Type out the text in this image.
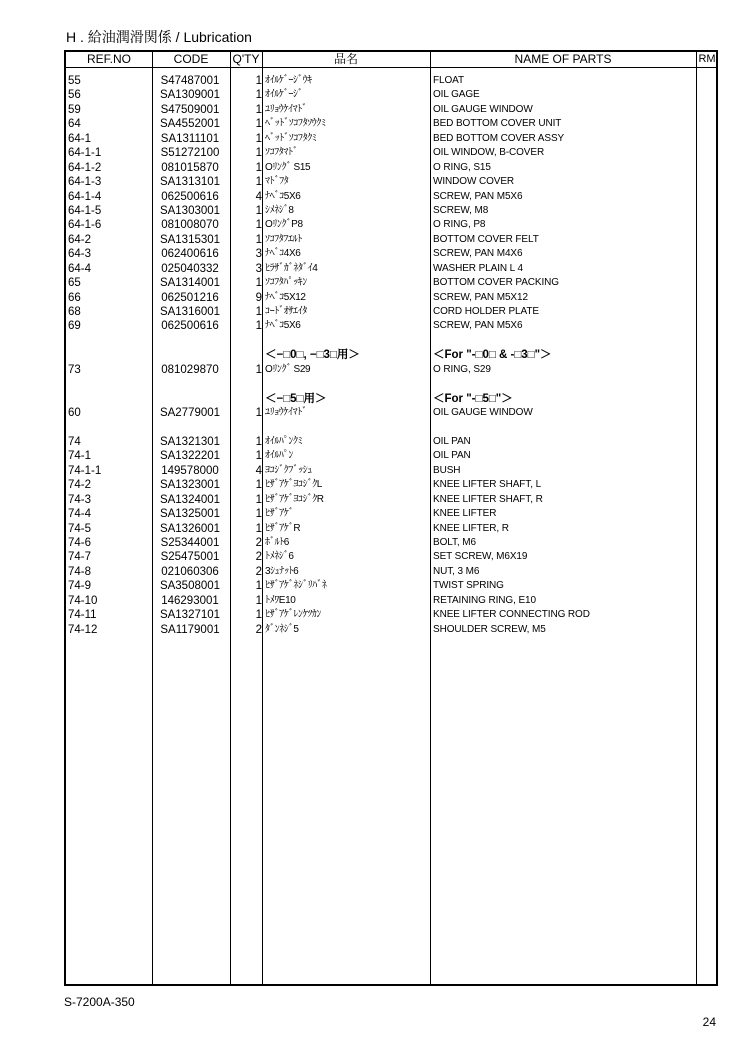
H . 給油潤滑関係 / Lubrication
REF.NO	CODE	Q'TY	品名	NAME OF PARTS	RM
55	S47487001	1 ｵｲﾙｹﾞｰｼﾞｳｷ	FLOAT
56	SA1309001	1 ｵｲﾙｹﾞｰｼﾞ	OIL GAGE
59	S47509001	1 ﾕﾘｮｳｹｲﾏﾄﾞ	OIL GAUGE WINDOW
64	SA4552001	1 ﾍﾞｯﾄﾞｿｺﾌﾀｿｳｸﾐ	BED BOTTOM COVER UNIT
64-1	SA1311101	1 ﾍﾞｯﾄﾞｿｺﾌﾀｸﾐ	BED BOTTOM COVER ASSY
64-1-1	S51272100	1 ｿｺﾌﾀﾏﾄﾞ	OIL WINDOW, B-COVER
64-1-2	081015870	1 Oﾘﾝｸﾞ S15	O RING, S15
64-1-3	SA1313101	1 ﾏﾄﾞﾌﾀ	WINDOW COVER
64-1-4	062500616	4 ﾅﾍﾞｺ5X6	SCREW, PAN M5X6
64-1-5	SA1303001	1 ｼﾒﾈｼﾞ8	SCREW, M8
64-1-6	081008070	1 OﾘﾝｸﾞP8	O RING, P8
64-2	SA1315301	1 ｿｺﾌﾀﾌｴﾙﾄ	BOTTOM COVER FELT
64-3	062400616	3 ﾅﾍﾞｺ4X6	SCREW, PAN M4X6
64-4	025040332	3 ﾋﾗｻﾞｶﾞﾈﾀﾞｲ4	WASHER PLAIN L 4
65	SA1314001	1 ｿｺﾌﾀﾊﾟｯｷﾝ	BOTTOM COVER PACKING
66	062501216	9 ﾅﾍﾞｺ5X12	SCREW, PAN M5X12
68	SA1316001	1 ｺｰﾄﾞｵｻｴｲﾀ	CORD HOLDER PLATE
69	062500616	1 ﾅﾍﾞｺ5X6	SCREW, PAN M5X6
＜−□0□, −□3□用＞	＜For "-□0□ & -□3□"＞
73	081029870	1 Oﾘﾝｸﾞ S29	O RING, S29
＜−□5□用＞	＜For "-□5□"＞
60	SA2779001	1 ﾕﾘｮｳｹｲﾏﾄﾞ	OIL GAUGE WINDOW
74	SA1321301	1 ｵｲﾙﾊﾟﾝｸﾐ	OIL PAN
74-1	SA1322201	1 ｵｲﾙﾊﾟﾝ	OIL PAN
74-1-1	149578000	4 ﾖｺｼﾞｸﾌﾞｯｼｭ	BUSH
74-2	SA1323001	1 ﾋｻﾞｱｹﾞﾖｺｼﾞｸL	KNEE LIFTER SHAFT, L
74-3	SA1324001	1 ﾋｻﾞｱｹﾞﾖｺｼﾞｸR	KNEE LIFTER SHAFT, R
74-4	SA1325001	1 ﾋｻﾞｱｹﾞ	KNEE LIFTER
74-5	SA1326001	1 ﾋｻﾞｱｹﾞR	KNEE LIFTER, R
74-6	S25344001	2 ﾎﾞﾙﾄ6	BOLT, M6
74-7	S25475001	2 ﾄﾒﾈｼﾞ6	SET SCREW, M6X19
74-8	021060306	2 3ｼｭﾅｯﾄ6	NUT, 3 M6
74-9	SA3508001	1 ﾋｻﾞｱｹﾞﾈｼﾞﾘﾊﾞﾈ	TWIST SPRING
74-10	146293001	1 ﾄﾒﾜE10	RETAINING RING, E10
74-11	SA1327101	1 ﾋｻﾞｱｹﾞﾚﾝｹﾂｶﾝ	KNEE LIFTER CONNECTING ROD
74-12	SA1179001	2 ﾀﾞﾝﾈｼﾞ5	SHOULDER SCREW, M5
S-7200A-350
24
